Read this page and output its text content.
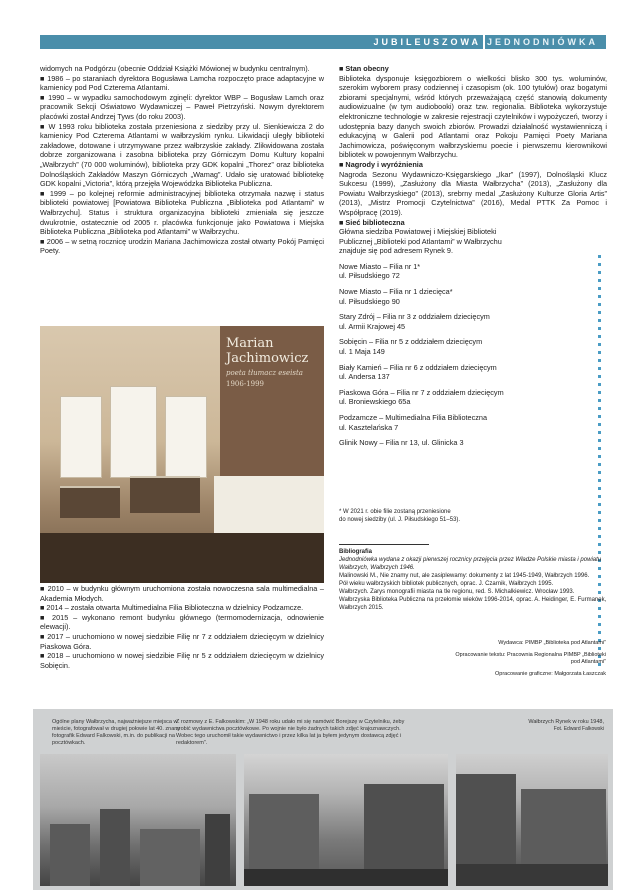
JUBILEUSZOWA JEDNODNIÓWKA

widomych na Podgórzu (obecnie Oddział Książki Mówionej w budynku centralnym).

■ 1986 – po staraniach dyrektora Bogusława Lamcha rozpoczęto prace adaptacyjne w kamienicy pod Pod Czterema Atlantami.

■ 1990 – w wypadku samochodowym zginęli: dyrektor WBP – Bogusław Lamch oraz pracownik Sekcji Oświatowo Wydawniczej – Paweł Pietrzyński. Nowym dyrektorem placówki został Andrzej Tyws (do roku 2003).

■ W 1993 roku biblioteka została przeniesiona z siedziby przy ul. Sienkiewicza 2 do kamienicy Pod Czterema Atlantami w wałbrzyskim rynku. Likwidacji uległy biblioteki zakładowe, dotowane i utrzymywane przez wałbrzyskie zakłady. Zlikwidowana została dobrze zorganizowana i zasobna biblioteka przy Górniczym Domu Kultury kopalni „Wałbrzych” (70 000 woluminów), biblioteka przy GDK kopalni „Thorez” oraz biblioteka Dolnośląskich Zakładów Maszyn Górniczych „Wamag”. Udało się uratować bibliotekę GDK kopalni „Victoria”, którą przejęła Wojewódzka Biblioteka Publiczna.

■ 1999 – po kolejnej reformie administracyjnej biblioteka otrzymała nazwę i status biblioteki powiatowej [Powiatowa Biblioteka Publiczna „Biblioteka pod Atlantami” w Wałbrzychu]. Status i struktura organizacyjna biblioteki zmieniała się jeszcze dwukrotnie, ostatecznie od 2005 r. placówka funkcjonuje jako Powiatowa i Miejska Biblioteka Publiczna „Biblioteka pod Atlantami” w Wałbrzychu.

■ 2006 – w setną rocznicę urodzin Mariana Jachimowicza został otwarty Pokój Pamięci Poety.

Marian
Jachimowicz
poeta tłumacz eseista
1906-1999

■ 2010 – w budynku głównym uruchomiona została nowoczesna sala multimedialna – Akademia Młodych.

■ 2014 – została otwarta Multimedialna Filia Biblioteczna w dzielnicy Podzamcze.

■ 2015 – wykonano remont budynku głównego (termomodernizacja, odnowienie elewacji).

■ 2017 – uruchomiono w nowej siedzibie Filię nr 7 z oddziałem dziecięcym w dzielnicy Piaskowa Góra.

■ 2018 – uruchomiono w nowej siedzibie Filię nr 5 z oddziałem dziecięcym w dzielnicy Sobięcin.

■ Stan obecny

Biblioteka dysponuje księgozbiorem o wielkości blisko 300 tys. woluminów, szerokim wyborem prasy codziennej i czasopism (ok. 100 tytułów) oraz bogatymi zbiorami specjalnymi, wśród których przeważającą część stanowią dokumenty audiowizualne (w tym audiobooki) oraz tzw. regionalia. Biblioteka wykorzystuje elektroniczne technologie w zakresie rejestracji czytelników i wypożyczeń, tworzy i udostępnia bazy danych swoich zbiorów. Prowadzi działalność wystawienniczą i edukacyjną w Galerii pod Atlantami oraz Pokoju Pamięci Poety Mariana Jachimowicza, poświęconym wałbrzyskiemu poecie i pierwszemu kierownikowi bibliotek w powojennym Wałbrzychu.

■ Nagrody i wyróżnienia

Nagroda Sezonu Wydawniczo-Księgarskiego „Ikar” (1997), Dolnośląski Klucz Sukcesu (1999), „Zasłużony dla Miasta Wałbrzycha” (2013), „Zasłużony dla Powiatu Wałbrzyskiego” (2013), srebrny medal „Zasłużony Kulturze Gloria Artis” (2013), „Mistrz Promocji Czytelnictwa” (2016), Medal PTTK Za Pomoc i Współpracę (2019).

■ Sieć biblioteczna

Główna siedziba Powiatowej i Miejskiej Biblioteki Publicznej „Biblioteki pod Atlantami” w Wałbrzychu znajduje się pod adresem Rynek 9.

Nowe Miasto – Filia nr 1*
ul. Piłsudskiego 72

Nowe Miasto – Filia nr 1 dziecięca*
ul. Piłsudskiego 90

Stary Zdrój – Filia nr 3 z oddziałem dziecięcym
ul. Armii Krajowej 45

Sobięcin – Filia nr 5 z oddziałem dziecięcym
ul. 1 Maja 149

Biały Kamień – Filia nr 6 z oddziałem dziecięcym
ul. Andersa 137

Piaskowa Góra – Filia nr 7 z oddziałem dziecięcym
ul. Broniewskiego 65a

Podzamcze – Multimedialna Filia Biblioteczna
ul. Kasztelańska 7

Glinik Nowy – Filia nr 13, ul. Glinicka 3

* W 2021 r. obie filie zostaną przeniesione
do nowej siedziby (ul. J. Piłsudskiego 51–53).

Bibliografia

Jednodniówka wydana z okazji pierwszej rocznicy przejęcia przez Władze Polskie miasta i powiatu Wałbrzych, Wałbrzych 1946.

Malinowski M., Nie znamy nut, ale zasiplewamy: dokumenty z lat 1945-1949, Wałbrzych 1996.

Pół wieku wałbrzyskich bibliotek publicznych, oprac. J. Czarnik, Wałbrzych 1995.

Wałbrzych. Zarys monografii miasta na tle regionu, red. S. Michalkiewicz. Wrocław 1993.

Wałbrzyska Biblioteka Publiczna na przełomie wieków 1996-2014, oprac. A. Heidinger, E. Furmanek, Wałbrzych 2015.

Wydawca: PIMBP „Biblioteka pod Atlantami”

Opracowanie tekstu: Pracownia Regionalna PIMBP „Biblioteki pod Atlantami”

Opracowanie graficzne: Małgorzata Łaszczak

Ogólne plany Wałbrzycha, najważniejsze miejsca w mieście, fotografował w drugiej połowie lat 40. znany fotografik Edward Falkowski, m.in. do publikacji na pocztówkach.
Z rozmowy z E. Falkowskim: „W 1948 roku udało mi się namówić Borejszę w Czytelniku, żeby zrobić wydawnictwa pocztówkowe. Po wojnie nie było żadnych takich zdjęć krajoznawczych. Wobec tego uruchomił takie wydawnictwo i przez kilka lat ja byłem jedynym dostawcą zdjęć i redaktorem”.
Wałbrzych Rynek w roku 1948,
Fot. Edward Falkowski
